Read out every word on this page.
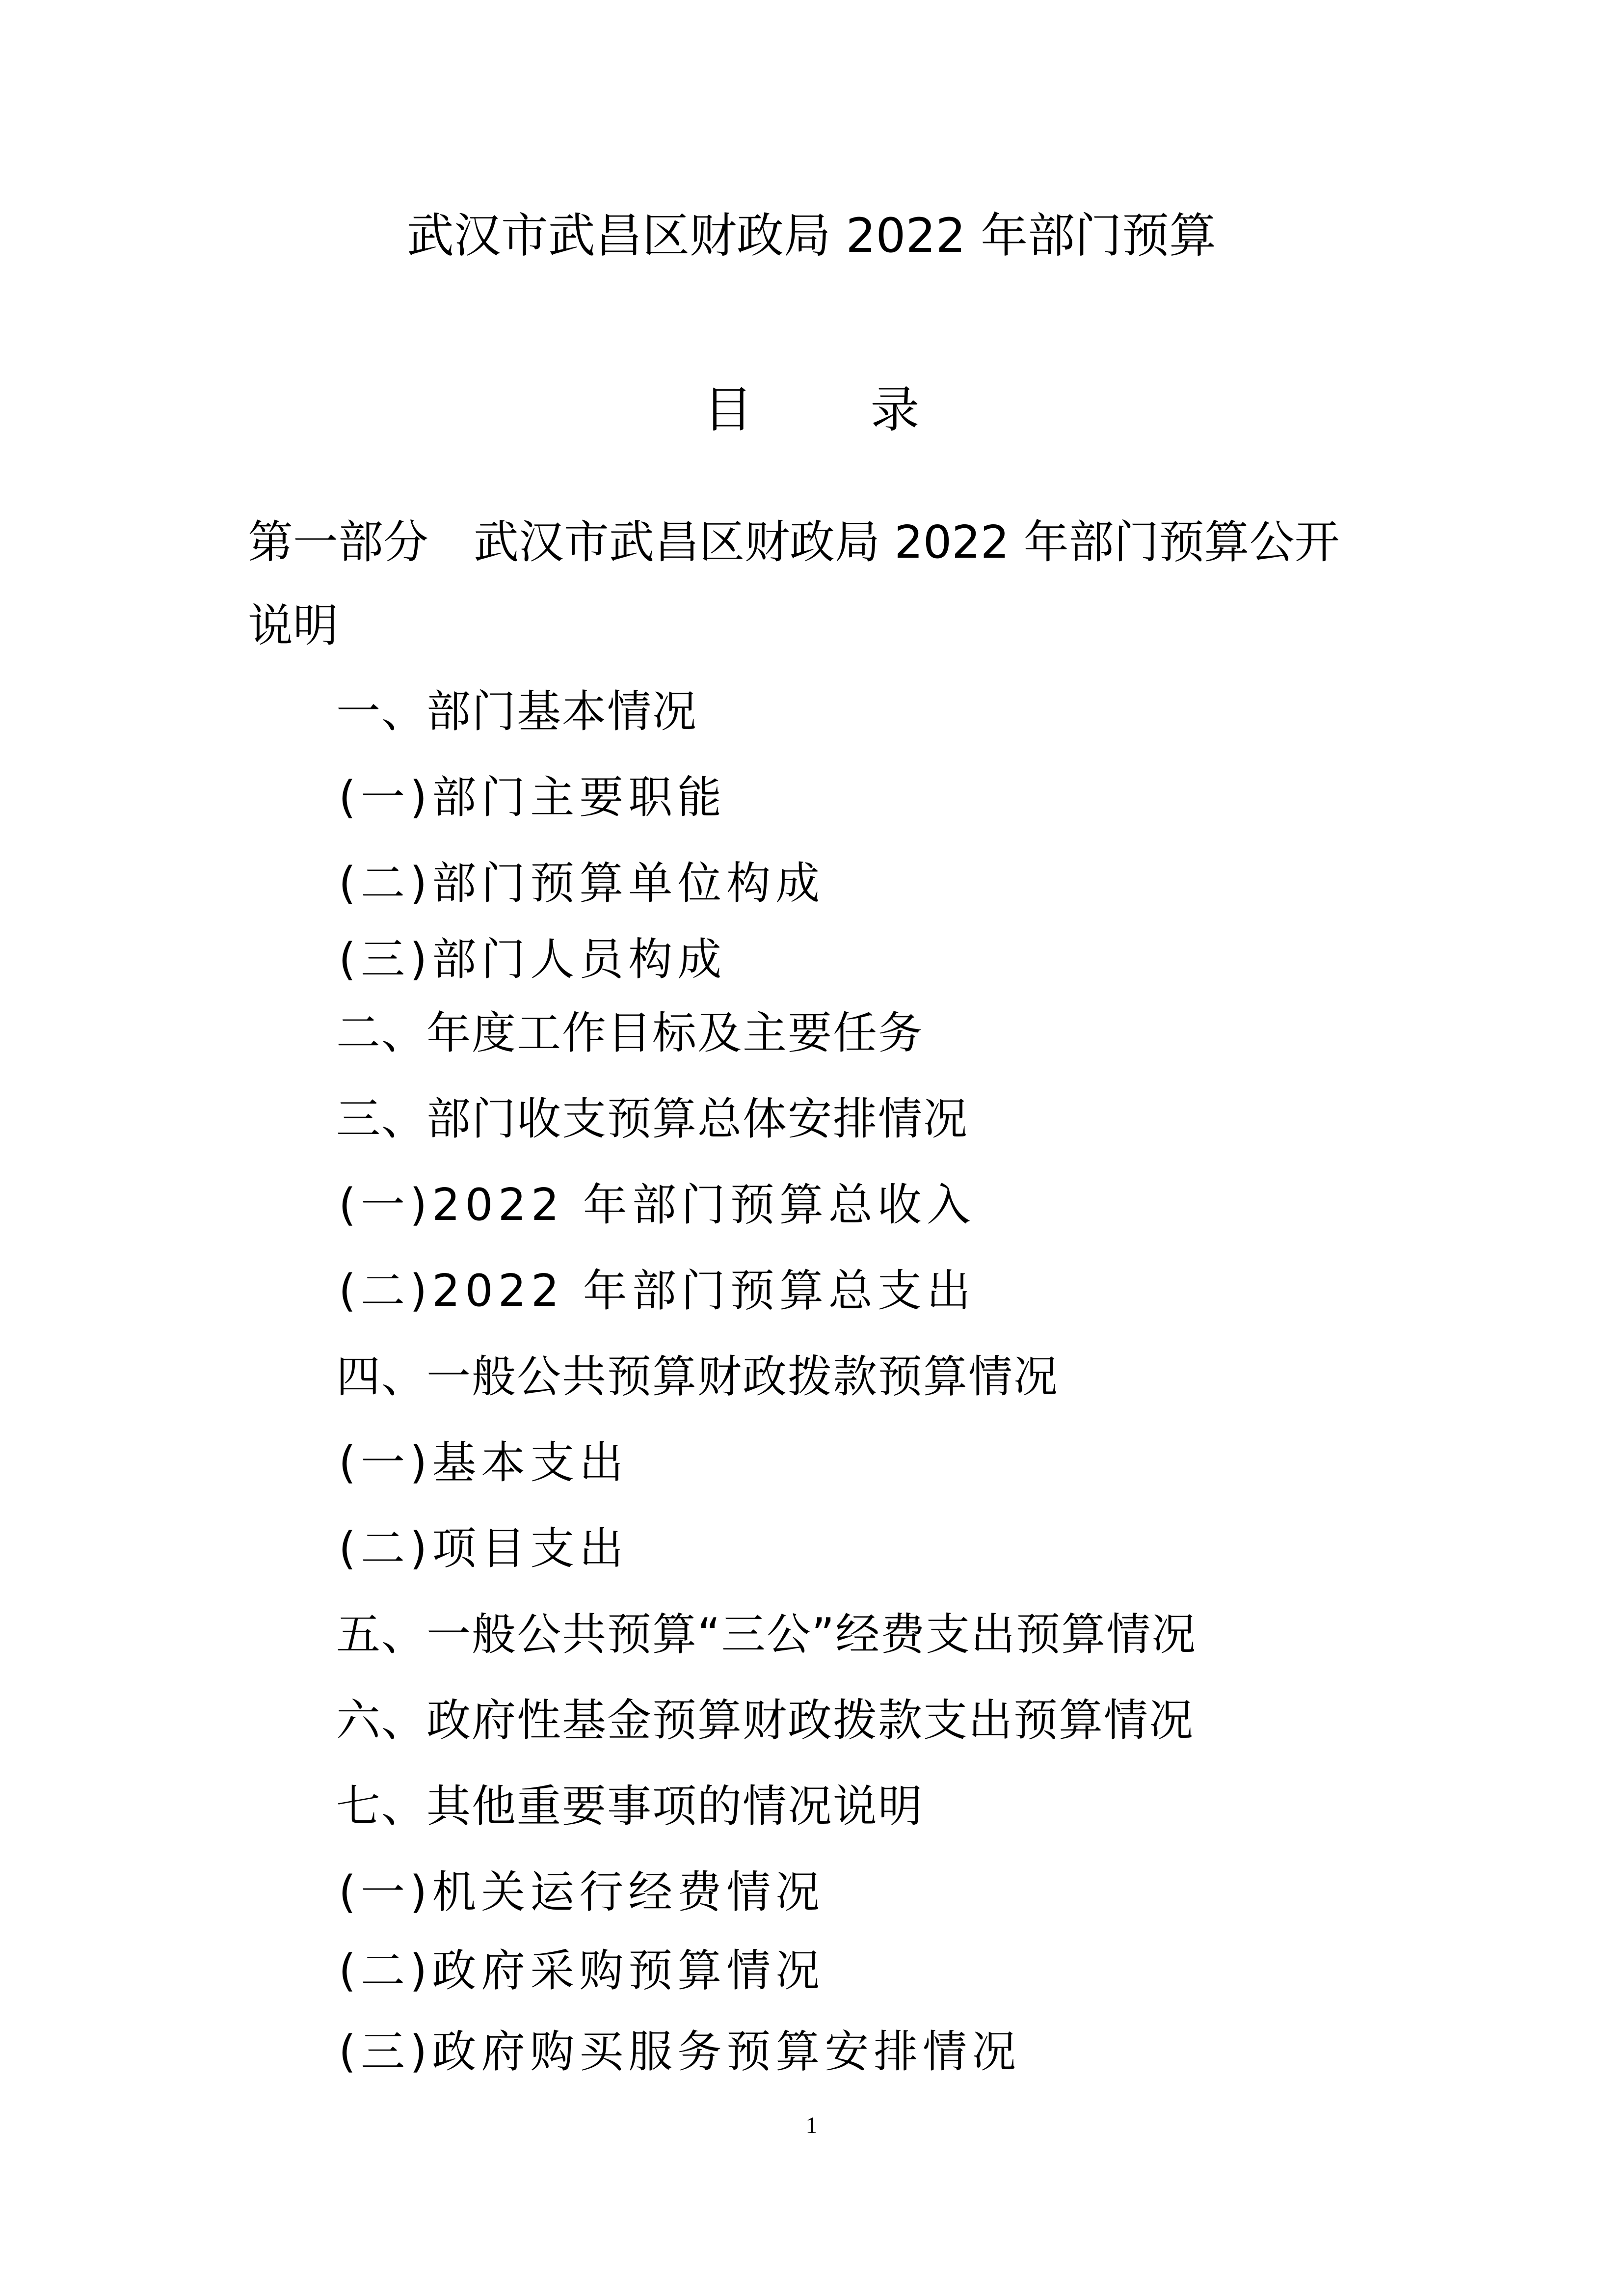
武汉市武昌区财政局 2022 年部门预算
目 录
第一部分　武汉市武昌区财政局 2022 年部门预算公开
说明
一、部门基本情况
(一)部门主要职能
(二)部门预算单位构成
(三)部门人员构成
二、年度工作目标及主要任务
三、部门收支预算总体安排情况
(一)2022 年部门预算总收入
(二)2022 年部门预算总支出
四、一般公共预算财政拨款预算情况
(一)基本支出
(二)项目支出
五、一般公共预算“三公”经费支出预算情况
六、政府性基金预算财政拨款支出预算情况
七、其他重要事项的情况说明
(一)机关运行经费情况
(二)政府采购预算情况
(三)政府购买服务预算安排情况
1
